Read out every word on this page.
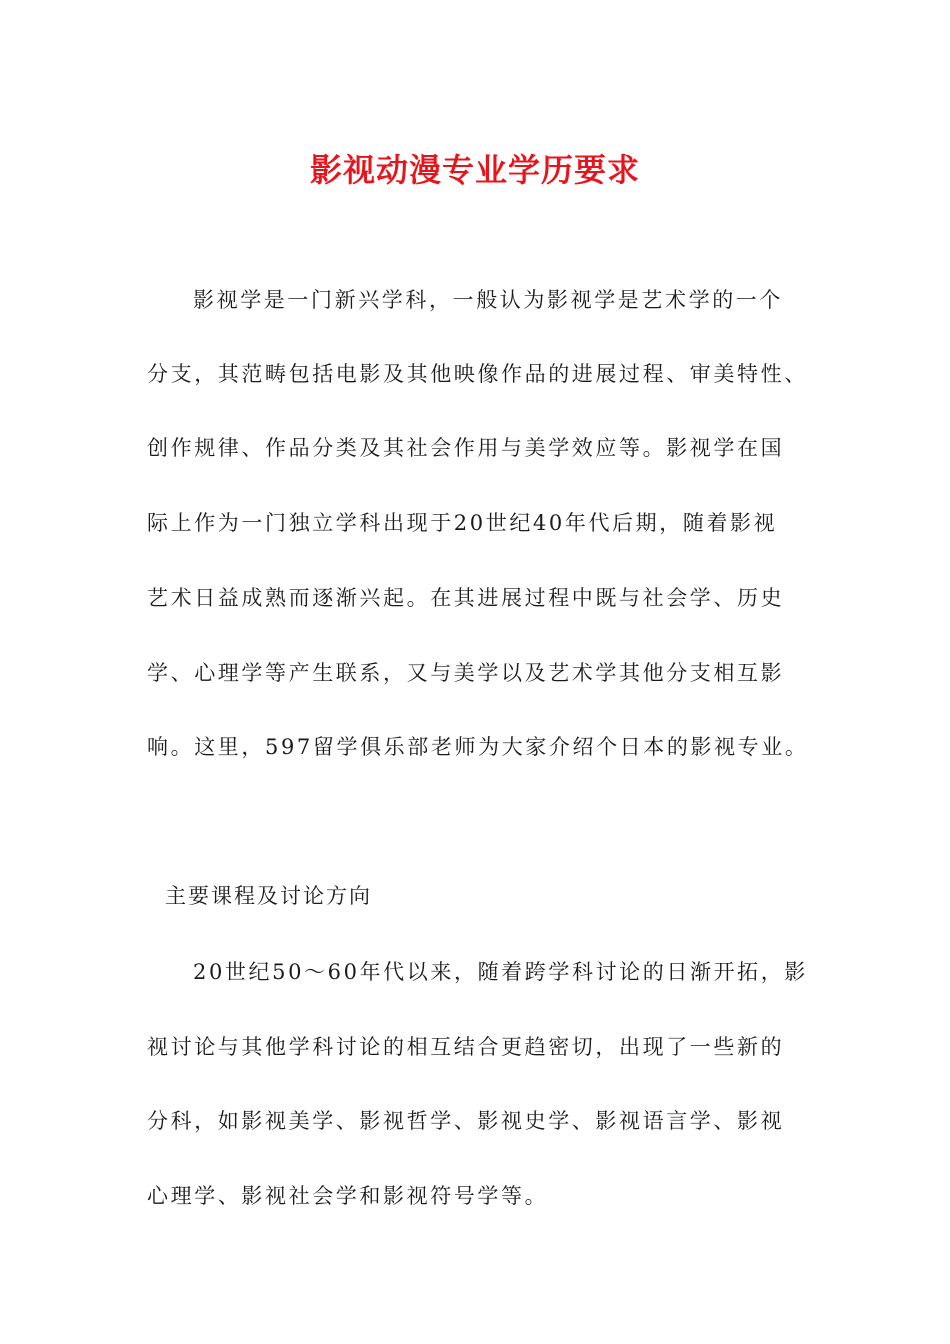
影视动漫专业学历要求
影视学是一门新兴学科，一般认为影视学是艺术学的一个
分支，其范畴包括电影及其他映像作品的进展过程、审美特性、
创作规律、作品分类及其社会作用与美学效应等。影视学在国
际上作为一门独立学科出现于20世纪40年代后期，随着影视
艺术日益成熟而逐渐兴起。在其进展过程中既与社会学、历史
学、心理学等产生联系，又与美学以及艺术学其他分支相互影
响。这里，597留学俱乐部老师为大家介绍个日本的影视专业。
主要课程及讨论方向
20世纪50～60年代以来，随着跨学科讨论的日渐开拓，影
视讨论与其他学科讨论的相互结合更趋密切，出现了一些新的
分科，如影视美学、影视哲学、影视史学、影视语言学、影视
心理学、影视社会学和影视符号学等。
